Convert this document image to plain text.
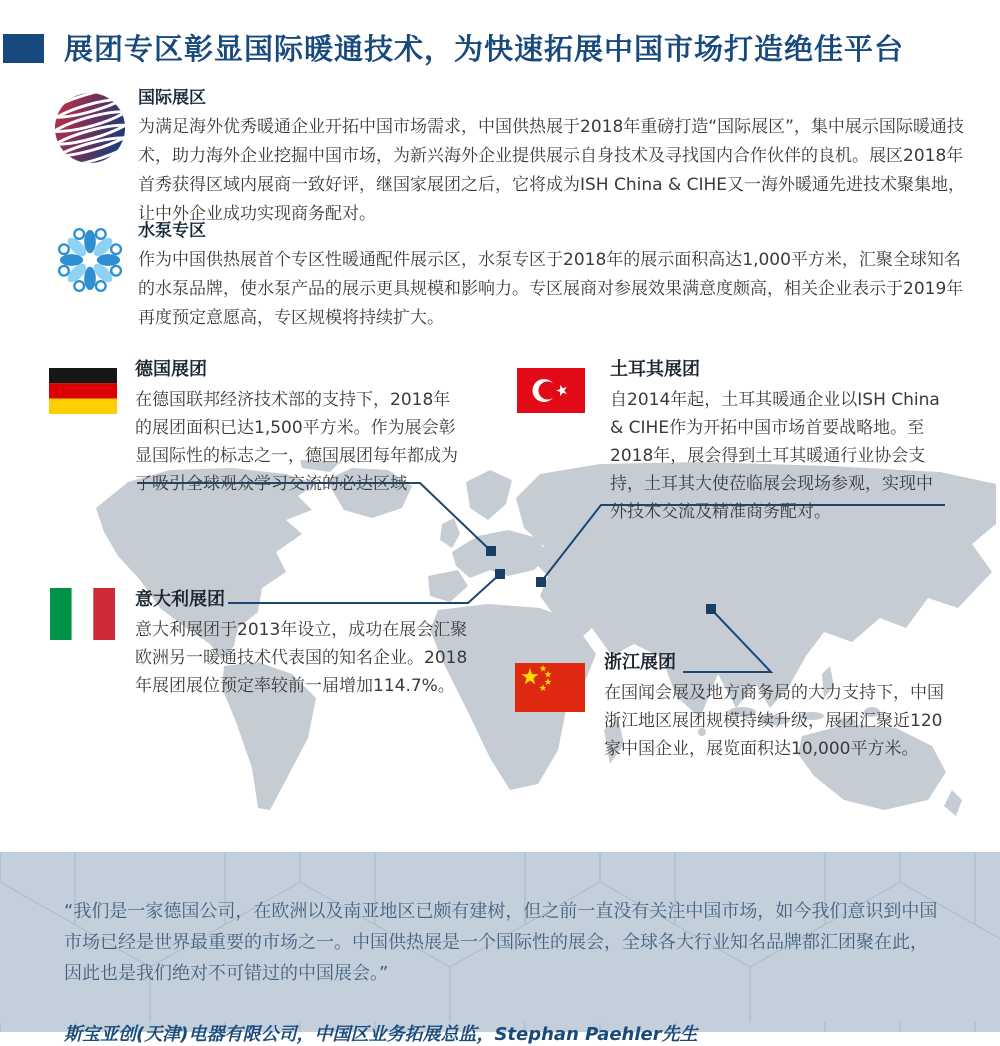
展团专区彰显国际暖通技术，为快速拓展中国市场打造绝佳平台
国际展区

为满足海外优秀暖通企业开拓中国市场需求，中国供热展于2018年重磅打造“国际展区”，集中展示国际暖通技术，助力海外企业挖掘中国市场，为新兴海外企业提供展示自身技术及寻找国内合作伙伴的良机。展区2018年首秀获得区域内展商一致好评，继国家展团之后，它将成为ISH China & CIHE又一海外暖通先进技术聚集地，让中外企业成功实现商务配对。

水泵专区

作为中国供热展首个专区性暖通配件展示区，水泵专区于2018年的展示面积高达1,000平方米，汇聚全球知名的水泵品牌，使水泵产品的展示更具规模和影响力。专区展商对参展效果满意度颇高，相关企业表示于2019年再度预定意愿高，专区规模将持续扩大。

德国展团

在德国联邦经济技术部的支持下，2018年的展团面积已达1,500平方米。作为展会彰显国际性的标志之一，德国展团每年都成为了吸引全球观众学习交流的必达区域

土耳其展团

自2014年起，土耳其暖通企业以ISH China & CIHE作为开拓中国市场首要战略地。至2018年，展会得到土耳其暖通行业协会支持，土耳其大使莅临展会现场参观，实现中外技术交流及精准商务配对。

意大利展团

意大利展团于2013年设立，成功在展会汇聚欧洲另一暖通技术代表国的知名企业。2018年展团展位预定率较前一届增加114.7%。

浙江展团

在国闻会展及地方商务局的大力支持下，中国浙江地区展团规模持续升级，展团汇聚近120家中国企业，展览面积达10,000平方米。

“我们是一家德国公司，在欧洲以及南亚地区已颇有建树，但之前一直没有关注中国市场，如今我们意识到中国市场已经是世界最重要的市场之一。中国供热展是一个国际性的展会，全球各大行业知名品牌都汇团聚在此，因此也是我们绝对不可错过的中国展会。”

斯宝亚创(天津)电器有限公司，中国区业务拓展总监，Stephan Paehler先生
